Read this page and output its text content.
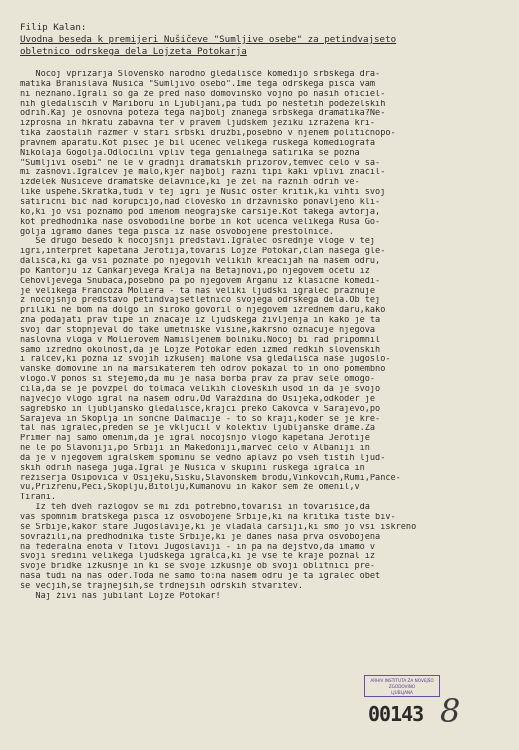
Filip Kalan:
Uvodna beseda k premijeri Nušičeve "Sumljive osebe" za petindvajseto
obletnico odrskega dela Lojzeta Potokarja
Nocoj vprizarja Slovensko narodno gledališče komedijo srbskega dra-
matika Branislava Nušiča "Sumljivo osebo".Ime tega odrskega pisca vam
ni neznano.Igrali so ga že pred našo domovinsko vojno po naših oficiel-
nih gledališčih v Mariboru in Ljubljani,pa tudi po neštetih podeželskih
odrih.Kaj je osnovna poteza tega najbolj znanega srbskega dramatika?Ne-
izprosna in hkratu zabavna ter v pravem ljudskem jeziku izražena kri-
tika zaostalih razmer v stari srbski družbi,posebno v njenem političnopo-
pravnem aparatu.Kot pisec je bil učenec velikega ruskega komediografa
Nikolaja Gogolja.Odločilni vpliv tega genialnega satirika se pozna
"Sumljivi osebi" ne le v gradnji dramatskih prizorov,temveč celo v sa-
mi zasnovi.Igralcev je malo,kjer najbolj razni tipi kaki vplivi značil-
izdelek Nušičeve dramatske delavnice,ki je žel na raznih odrih ve-
like uspehe.Skratka,tudi v tej igri je Nušić oster kritik,ki vihti svoj
satirični bič nad korupcijo,nad človeško in državniško ponavljeno kli-
ko,ki jo vsi poznamo pod imenom neograjske čaršije.Kot takega avtorja,
kot predhodnika naše osvobodilne borbe in kot učenca velikega Rusa Go-
golja igramo danes tega pisca iz naše osvobojene prestolnice.
Še drugo besedo k nocojšnji predstavi.Igralec osrednje vloge v tej
igri,interpret kapetana Jerotija,tovariš Lojze Potokar,član našega gle-
dališča,ki ga vsi poznate po njegovih velikih kreacijah na našem odru,
po Kantorju iz Cankarjevega Kralja na Betajnovi,po njegovem očetu iz
Čehovljevega Snubača,posebno pa po njegovem Arganu iz klasične komedi-
je velikega Francoza Moliera - ta naš veliki ljudski igralec praznuje
z nocojšnjo predstavo petindvajsetletnico svojega odrskega dela.Ob tej
priliki ne bom na dolgo in široko govoril o njegovem izrednem daru,kako
zna podajati prav tipe in značaje iz ljudskega življenja in kako je ta
svoj dar stopnjeval do take umetniške višine,kakršno označuje njegova
naslovna vloga v Molierovem Namišljenem bolniku.Nocoj bi rad pripomnil
samo izredno okolnost,da je Lojze Potokar eden izmed redkih slovenskih
i ralcev,ki pozna iz svojih izkušenj malone vsa gledališča naše jugoslo-
vanske domovine in na marsikaterem teh odrov pokazal to in ono pomembno
vlogo.V ponos si štejemo,da mu je naša borba prav za prav šele omogo-
čila,da se je povzpel do tolmača velikih človeških usod in da je svojo
največjo vlogo igral na našem odru.Od Varaždina do Osijeka,odkoder je
sagrebško in ljubljansko gledališče,krajci preko Čakovca v Sarajevo,po
Sarajeva in Skoplja in sončne Dalmacije - to so kraji,koder se je kre-
tal naš igralec,preden se je vključil v kolektiv ljubljanske drame.Za
Primer naj samo omenim,da je igral nocojšnjo vlogo kapetana Jerotije
ne le po Slavoniji,po Srbiji in Makedoniji,marveč celo v Albaniji in
da je v njegovem igralskem spominu še vedno aplavz po vseh tistih ljud-
skih odrih našega juga.Igral je Nušiča v skupini ruskega igralca in
režiserja Osipoviča v Osijeku,Sisku,Slavonskem brodu,Vinkovcih,Rumi,Panče-
vu,Prizrenu,Peći,Skoplju,Bitolju,Kumanovu in kakor sem že omenil,v
Tirani.
Iz teh dveh razlogov se mi zdi potrebno,tovariši in tovarišice,da
vas spomnim bratskega pisca iz osvobojene Srbije,ki na kritika tiste biv-
še Srbije,kakor stare Jugoslavije,ki je vladala čaršiji,ki smo jo vsi iskreno
sovražili,na predhodnika tiste Srbije,ki je danes naša prva osvobojena
na federalna enota v Titovi Jugoslaviji - in pa na dejstvo,da imamo v
svoji sredini velikega ljudskega igralca,ki je vse te kraje poznal iz
svoje bridke izkušnje in ki še svoje izkušnje ob svoji oblitnici pre-
naša tudi na naš oder.Toda ne samo to:na našem odru je ta igralec obet
še večjih,še trajnejših,še trdnejših odrskih stvaritev.
Naj živi naš jubilant Lojze Potokar!
ARHIV INSTITUTA ZA NOVEJŠO
ZGODOVINO
LJUBLJANA
00143 8
